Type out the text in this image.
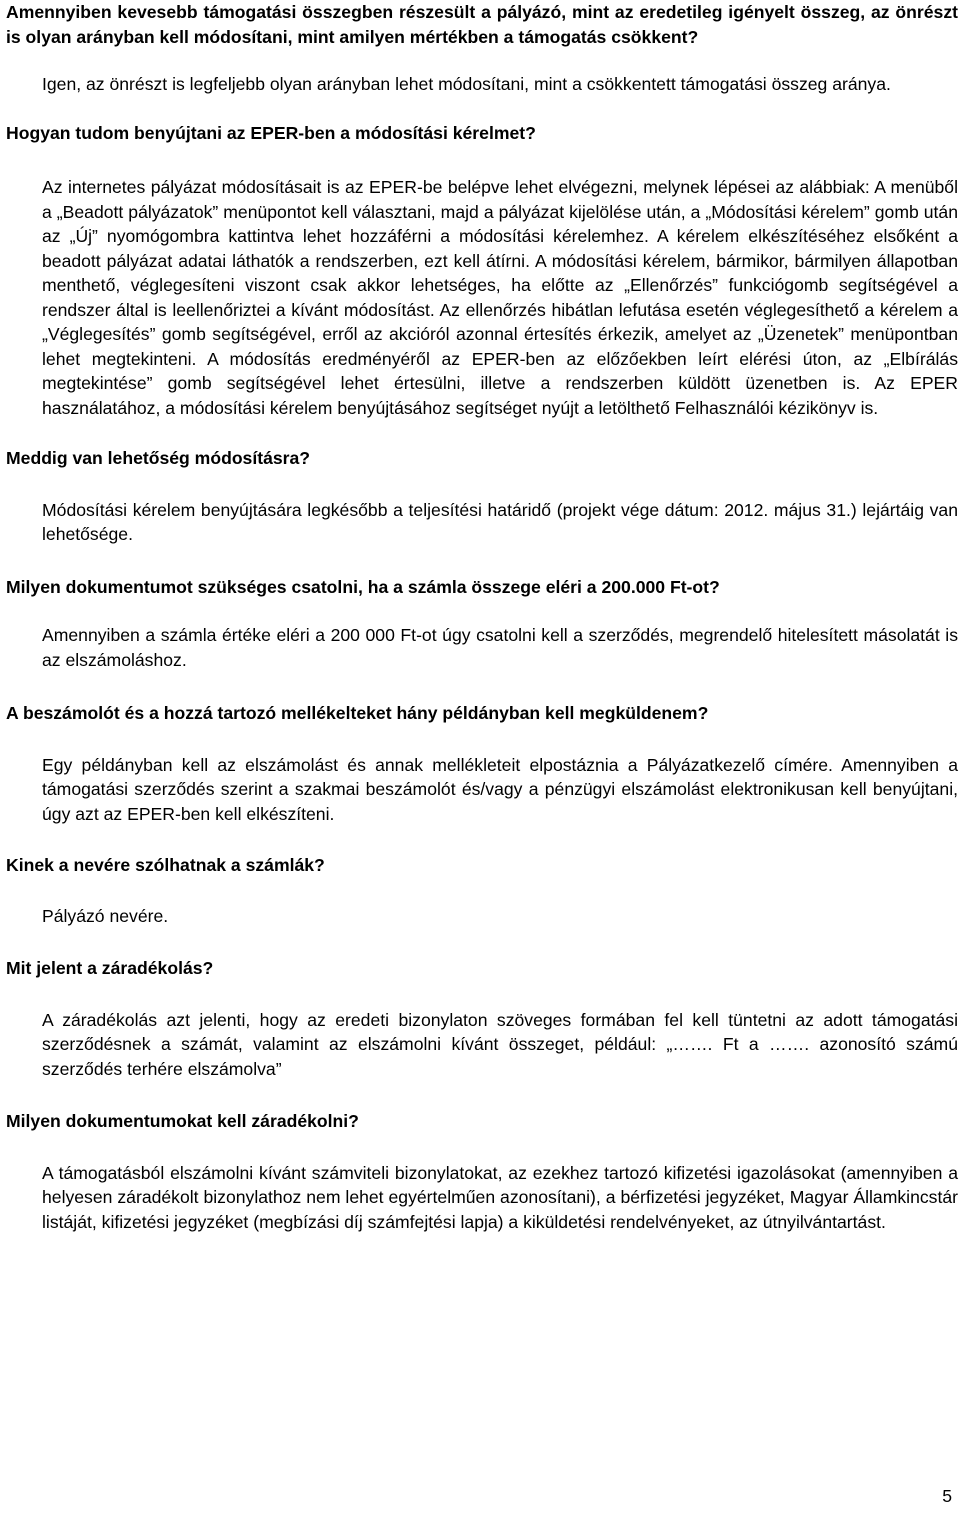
Amennyiben kevesebb támogatási összegben részesült a pályázó, mint az eredetileg igényelt összeg, az önrészt is olyan arányban kell módosítani, mint amilyen mértékben a támogatás csökkent?

Igen, az önrészt is legfeljebb olyan arányban lehet módosítani, mint a csökkentett támogatási összeg aránya.

Hogyan tudom benyújtani az EPER-ben a módosítási kérelmet?

Az internetes pályázat módosításait is az EPER-be belépve lehet elvégezni, melynek lépései az alábbiak: A menüből a „Beadott pályázatok” menüpontot kell választani, majd a pályázat kijelölése után, a „Módosítási kérelem” gomb után az „Új” nyomógombra kattintva lehet hozzáférni a módosítási kérelemhez. A kérelem elkészítéséhez elsőként a beadott pályázat adatai láthatók a rendszerben, ezt kell átírni. A módosítási kérelem, bármikor, bármilyen állapotban menthető, véglegesíteni viszont csak akkor lehetséges, ha előtte az „Ellenőrzés” funkciógomb segítségével a rendszer által is leellenőriztei a kívánt módosítást. Az ellenőrzés hibátlan lefutása esetén véglegesíthető a kérelem a „Véglegesítés” gomb segítségével, erről az akcióról azonnal értesítés érkezik, amelyet az „Üzenetek” menüpontban lehet megtekinteni. A módosítás eredményéről az EPER-ben az előzőekben leírt elérési úton, az „Elbírálás megtekintése” gomb segítségével lehet értesülni, illetve a rendszerben küldött üzenetben is. Az EPER használatához, a módosítási kérelem benyújtásához segítséget nyújt a letölthető Felhasználói kézikönyv is.

Meddig van lehetőség módosításra?

Módosítási kérelem benyújtására legkésőbb a teljesítési határidő (projekt vége dátum: 2012. május 31.) lejártáig van lehetősége.

Milyen dokumentumot szükséges csatolni, ha a számla összege eléri a 200.000 Ft-ot?

Amennyiben a számla értéke eléri a 200 000 Ft-ot úgy csatolni kell a szerződés, megrendelő hitelesített másolatát is az elszámoláshoz.

A beszámolót és a hozzá tartozó mellékelteket hány példányban kell megküldenem?

Egy példányban kell az elszámolást és annak mellékleteit elpostáznia a Pályázatkezelő címére. Amennyiben a támogatási szerződés szerint a szakmai beszámolót és/vagy a pénzügyi elszámolást elektronikusan kell benyújtani, úgy azt az EPER-ben kell elkészíteni.

Kinek a nevére szólhatnak a számlák?

Pályázó nevére.

Mit jelent a záradékolás?

A záradékolás azt jelenti, hogy az eredeti bizonylaton szöveges formában fel kell tüntetni az adott támogatási szerződésnek a számát, valamint az elszámolni kívánt összeget, például: „……. Ft a ……. azonosító számú szerződés terhére elszámolva”

Milyen dokumentumokat kell záradékolni?

A támogatásból elszámolni kívánt számviteli bizonylatokat, az ezekhez tartozó kifizetési igazolásokat (amennyiben a helyesen záradékolt bizonylathoz nem lehet egyértelműen azonosítani), a bérfizetési jegyzéket, Magyar Államkincstár listáját, kifizetési jegyzéket (megbízási díj számfejtési lapja) a kiküldetési rendelvényeket, az útnyilvántartást.

5
